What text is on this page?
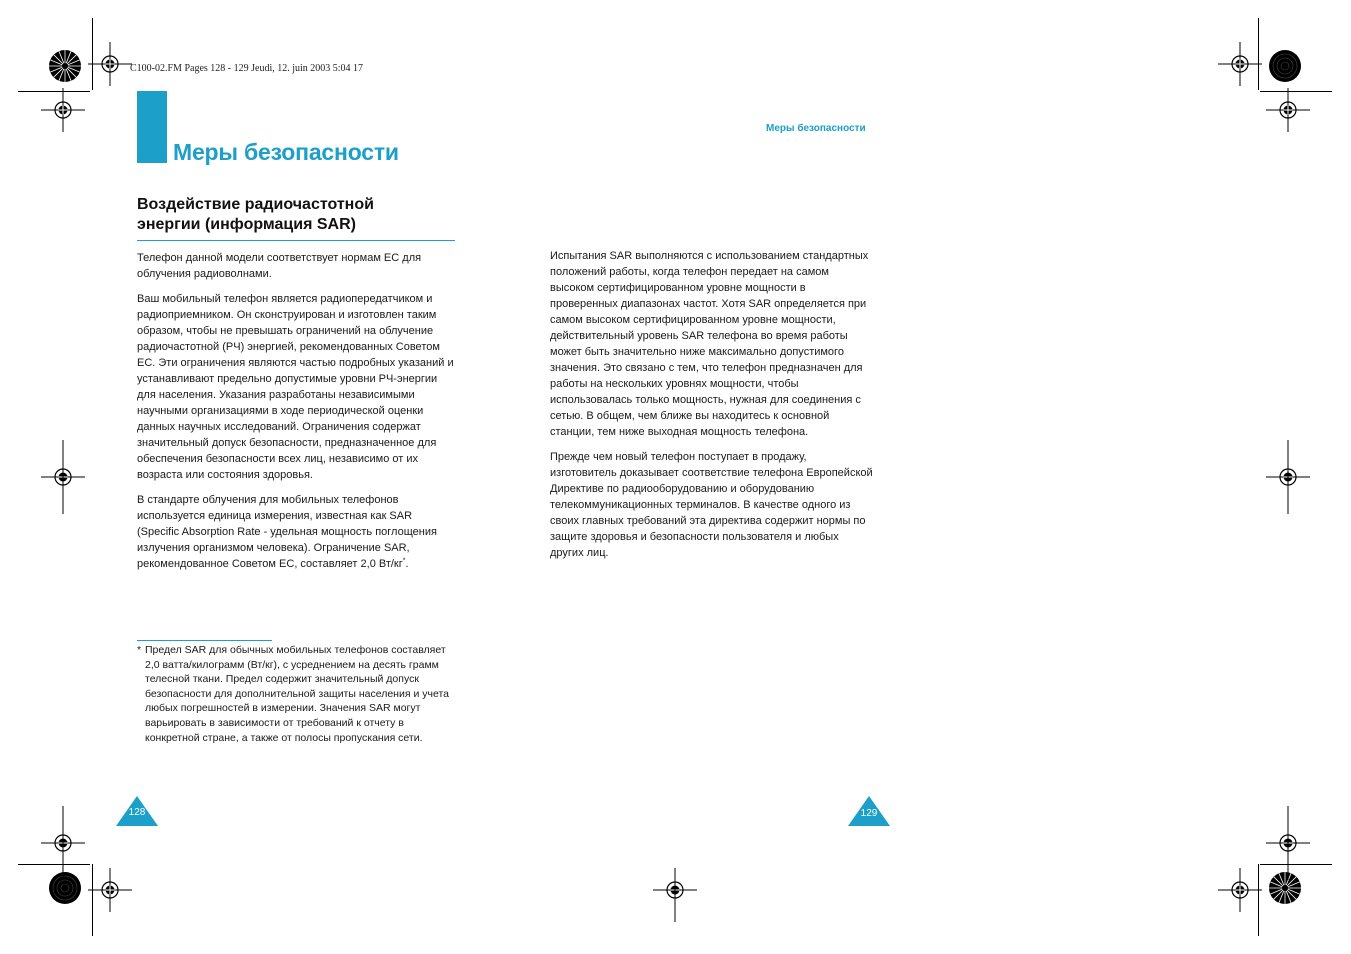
C100-02.FM Pages 128 - 129 Jeudi, 12. juin 2003 5:04 17
Меры безопасности
Меры безопасности
Воздействие радиочастотной
энергии (информация SAR)

Телефон данной модели соответствует нормам ЕС для облучения радиоволнами.

Ваш мобильный телефон является радиопередатчиком и радиоприемником. Он сконструирован и изготовлен таким образом, чтобы не превышать ограничений на облучение радиочастотной (РЧ) энергией, рекомендованных Советом ЕС. Эти ограничения являются частью подробных указаний и устанавливают предельно допустимые уровни РЧ-энергии для населения. Указания разработаны независимыми научными организациями в ходе периодической оценки данных научных исследований. Ограничения содержат значительный допуск безопасности, предназначенное для обеспечения безопасности всех лиц, независимо от их возраста или состояния здоровья.

В стандарте облучения для мобильных телефонов используется единица измерения, известная как SAR (Specific Absorption Rate - удельная мощность поглощения излучения организмом человека). Ограничение SAR, рекомендованное Советом ЕС, составляет 2,0 Вт/кг*.

* Предел SAR для обычных мобильных телефонов составляет 2,0 ватта/килограмм (Вт/кг), с усреднением на десять грамм телесной ткани. Предел содержит значительный допуск безопасности для дополнительной защиты населения и учета любых погрешностей в измерении. Значения SAR могут варьировать в зависимости от требований к отчету в конкретной стране, а также от полосы пропускания сети.

Испытания SAR выполняются с использованием стандартных положений работы, когда телефон передает на самом высоком сертифицированном уровне мощности в проверенных диапазонах частот. Хотя SAR определяется при самом высоком сертифицированном уровне мощности, действительный уровень SAR телефона во время работы может быть значительно ниже максимально допустимого значения. Это связано с тем, что телефон предназначен для работы на нескольких уровнях мощности, чтобы использовалась только мощность, нужная для соединения с сетью. В общем, чем ближе вы находитесь к основной станции, тем ниже выходная мощность телефона.

Прежде чем новый телефон поступает в продажу, изготовитель доказывает соответствие телефона Европейской Директиве по радиооборудованию и оборудованию телекоммуникационных терминалов. В качестве одного из своих главных требований эта директива содержит нормы по защите здоровья и безопасности пользователя и любых других лиц.

128	129
